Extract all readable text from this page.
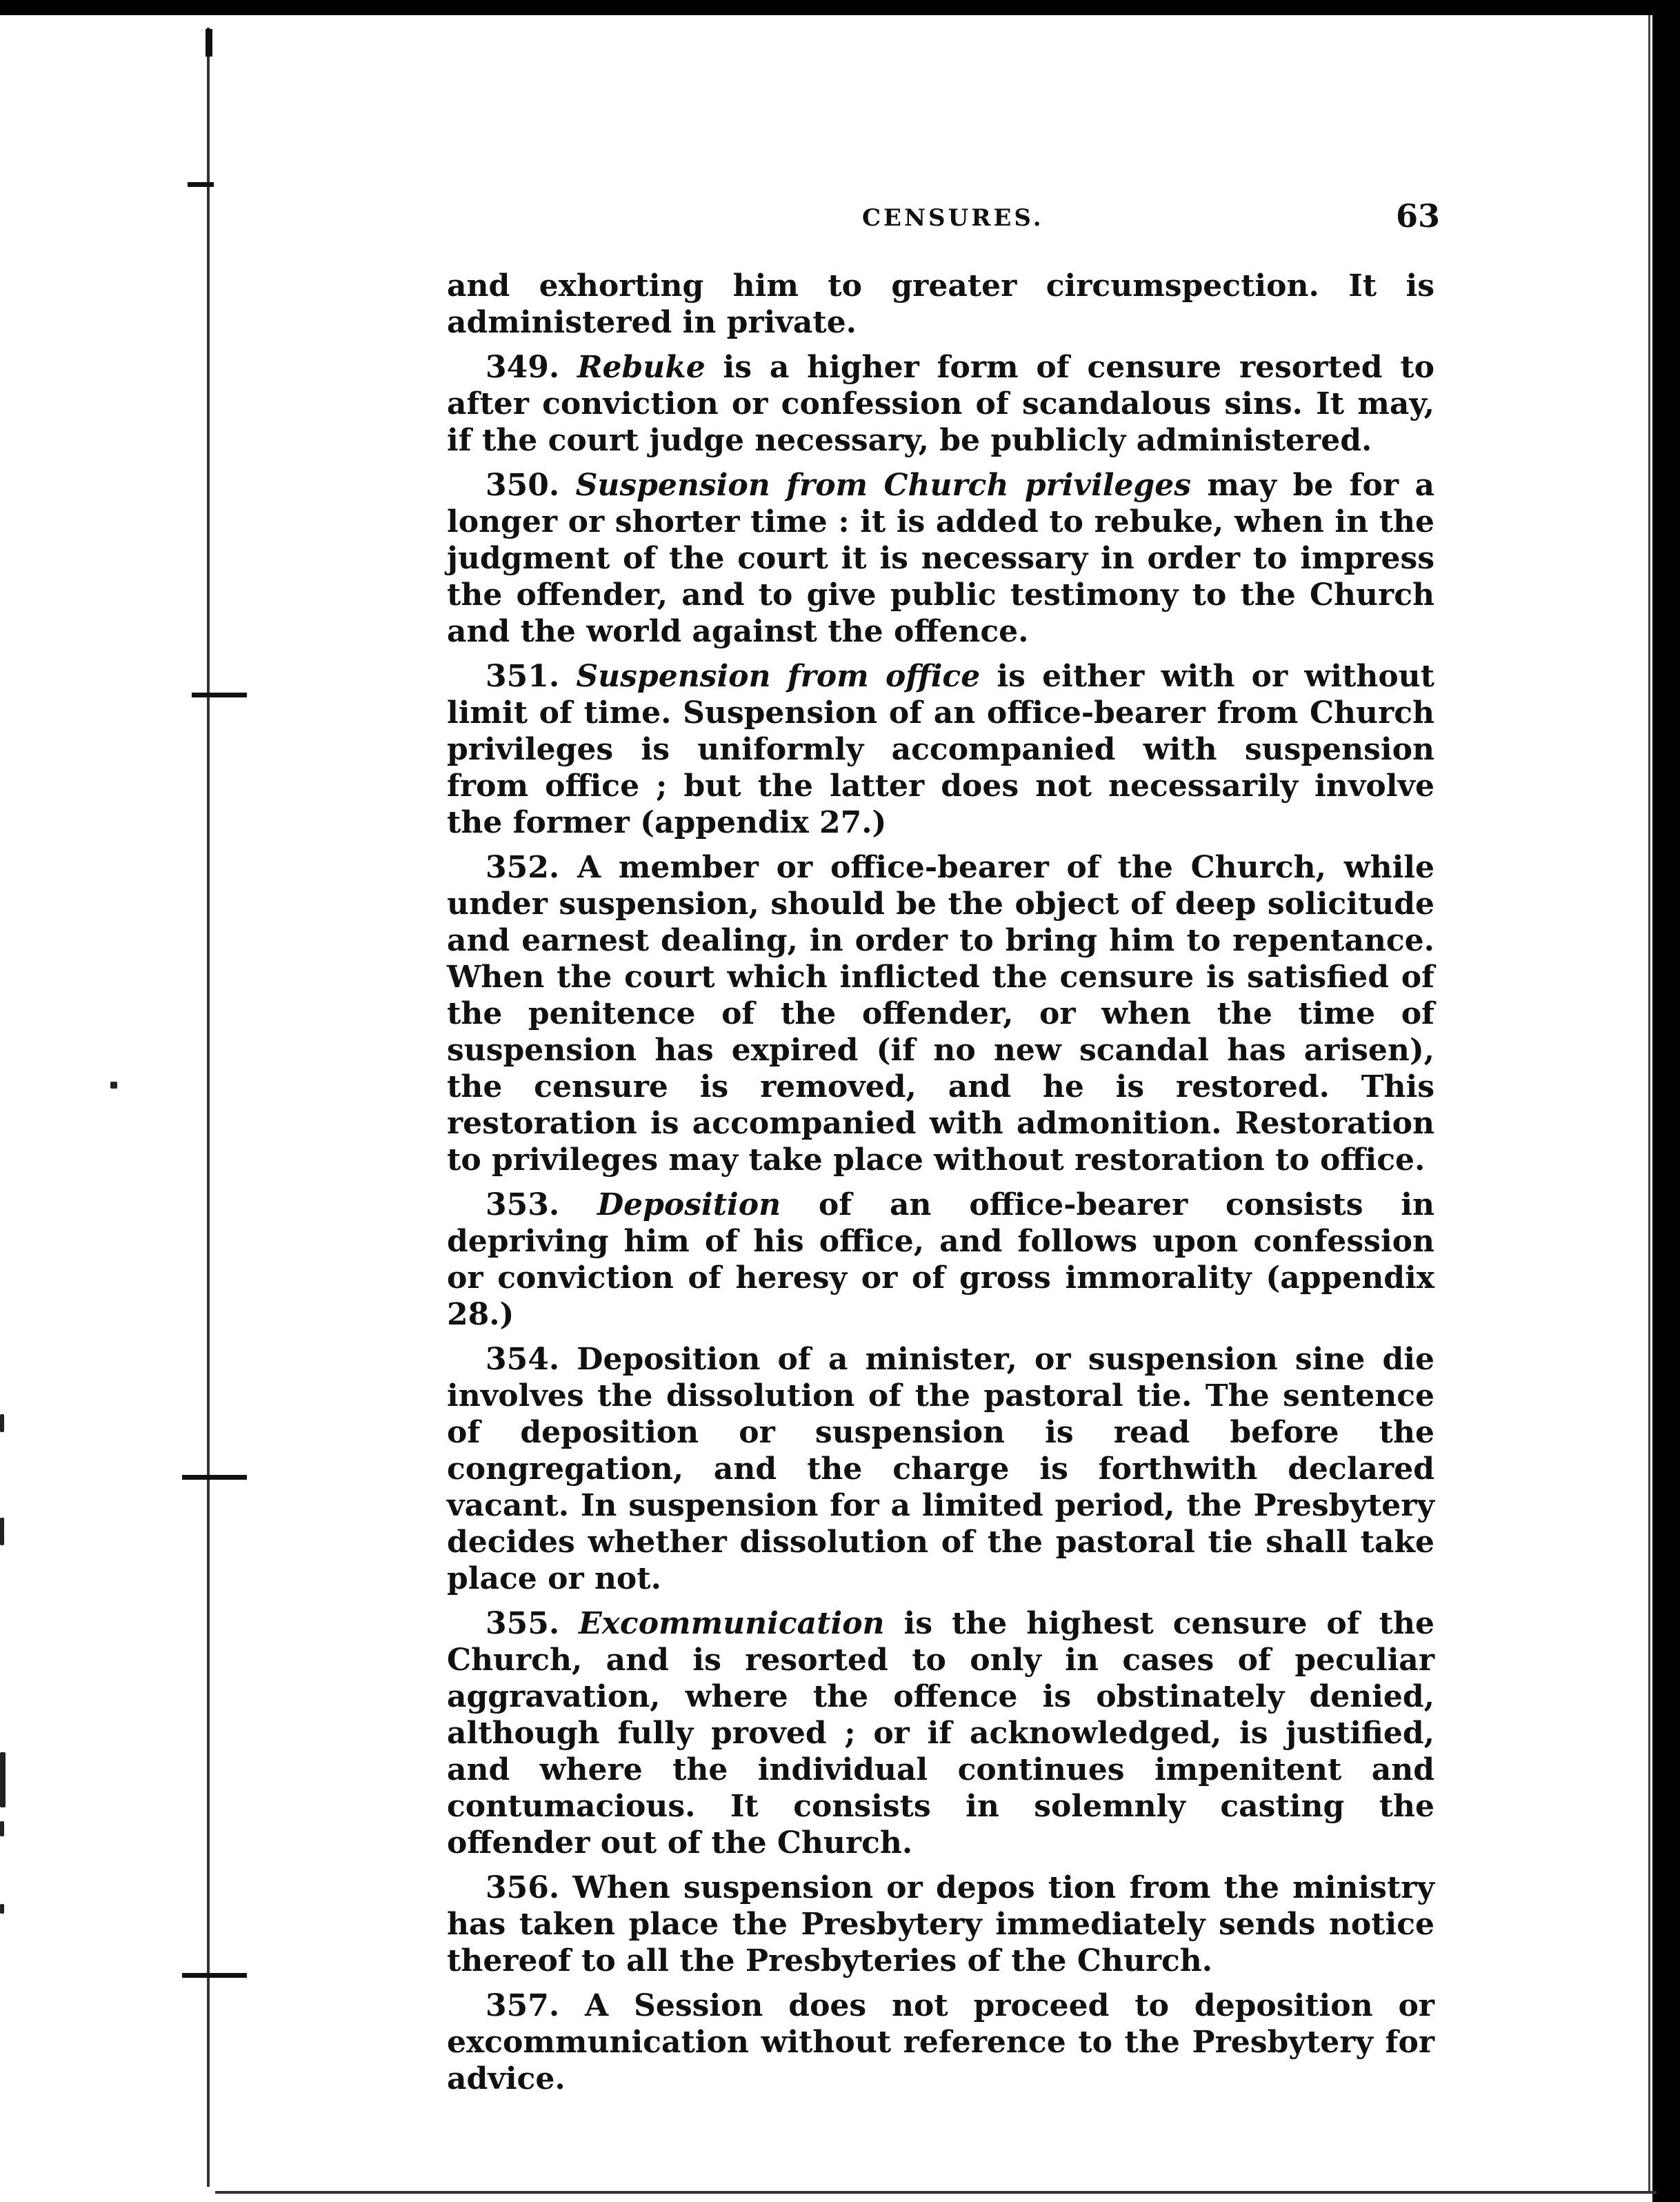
CENSURES.	63

and exhorting him to greater circumspection. It is administered in private.

349. Rebuke is a higher form of censure resorted to after conviction or confession of scandalous sins. It may, if the court judge necessary, be publicly administered.

350. Suspension from Church privileges may be for a longer or shorter time : it is added to rebuke, when in the judgment of the court it is necessary in order to impress the offender, and to give public testimony to the Church and the world against the offence.

351. Suspension from office is either with or without limit of time. Suspension of an office-bearer from Church privileges is uniformly accompanied with suspension from office ; but the latter does not necessarily involve the former (appendix 27.)

352. A member or office-bearer of the Church, while under suspension, should be the object of deep solicitude and earnest dealing, in order to bring him to repentance. When the court which inflicted the censure is satisfied of the penitence of the offender, or when the time of suspension has expired (if no new scandal has arisen), the censure is removed, and he is restored. This restoration is accompanied with admonition. Restoration to privileges may take place without restoration to office.

353. Deposition of an office-bearer consists in depriving him of his office, and follows upon confession or conviction of heresy or of gross immorality (appendix 28.)

354. Deposition of a minister, or suspension sine die involves the dissolution of the pastoral tie. The sentence of deposition or suspension is read before the congregation, and the charge is forthwith declared vacant. In suspension for a limited period, the Presbytery decides whether dissolution of the pastoral tie shall take place or not.

355. Excommunication is the highest censure of the Church, and is resorted to only in cases of peculiar aggravation, where the offence is obstinately denied, although fully proved ; or if acknowledged, is justified, and where the individual continues impenitent and contumacious. It consists in solemnly casting the offender out of the Church.

356. When suspension or depos tion from the ministry has taken place the Presbytery immediately sends notice thereof to all the Presbyteries of the Church.

357. A Session does not proceed to deposition or excommunication without reference to the Presbytery for advice.
